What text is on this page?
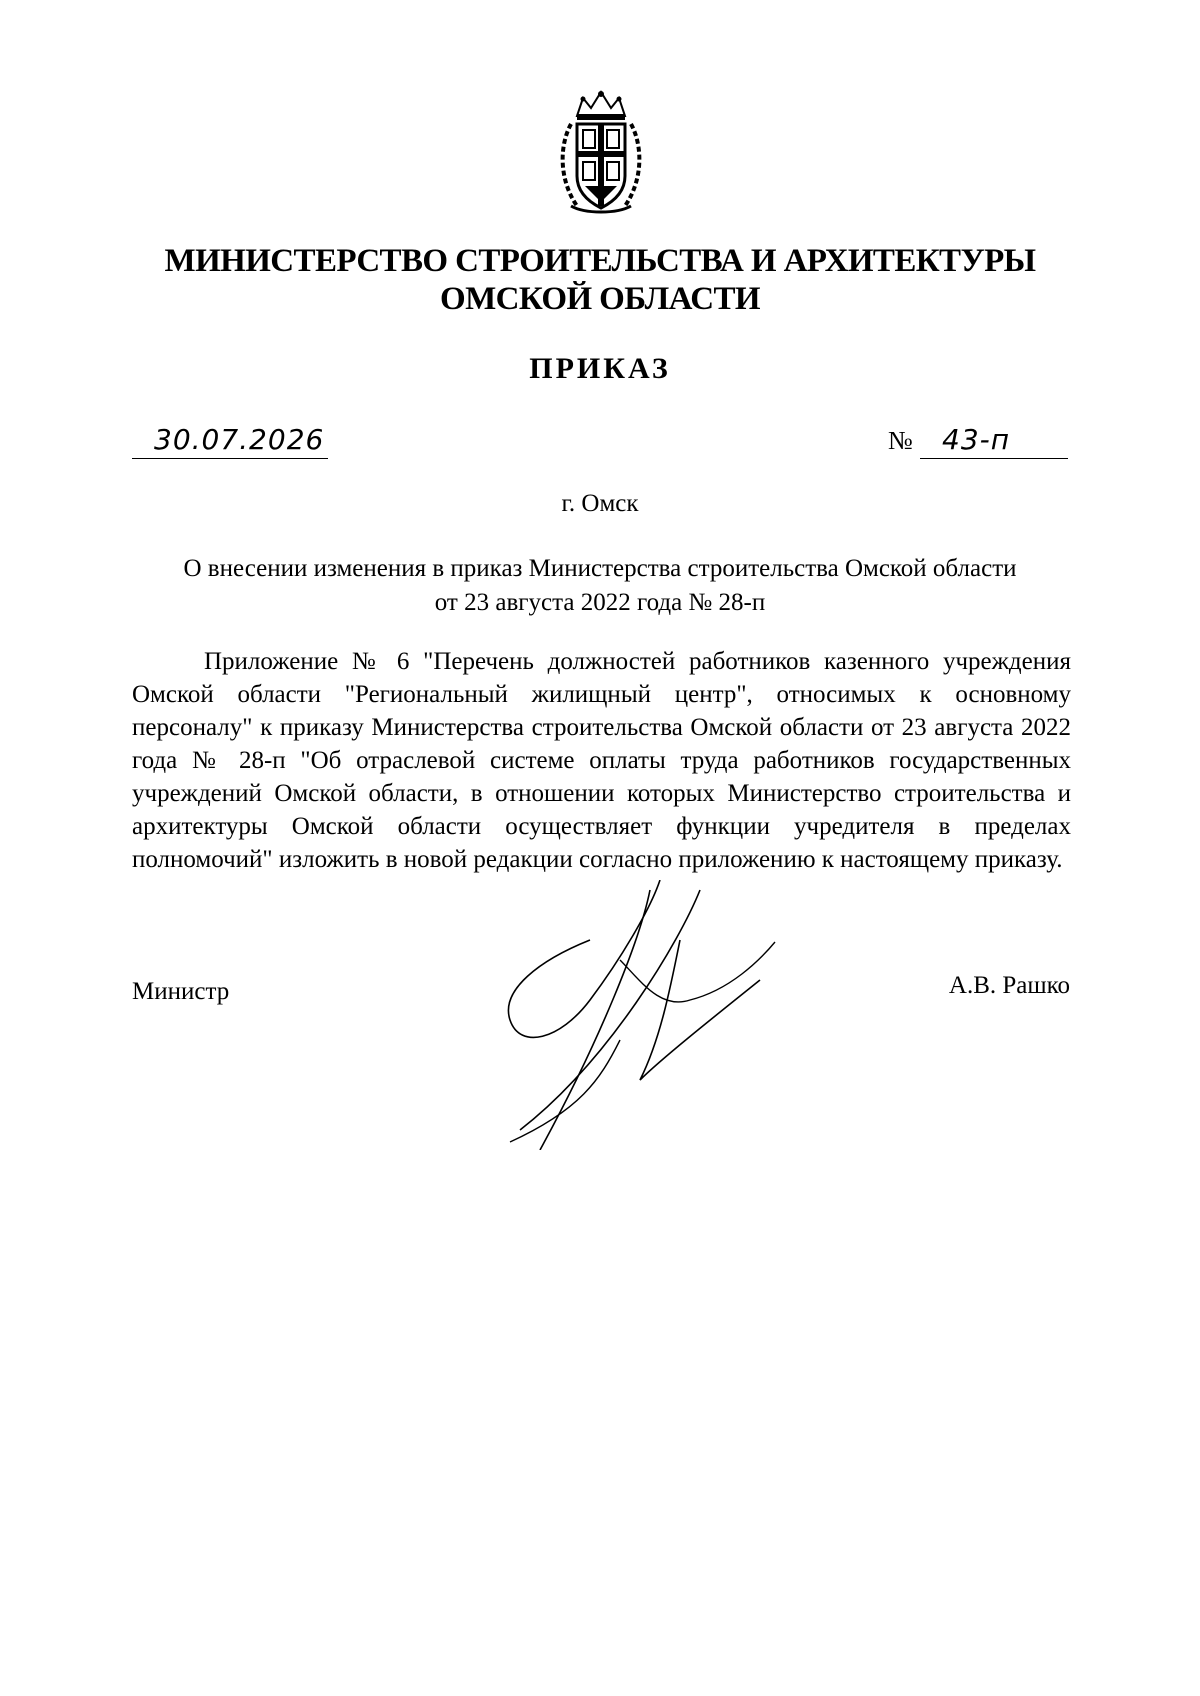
МИНИСТЕРСТВО СТРОИТЕЛЬСТВА И АРХИТЕКТУРЫ
ОМСКОЙ ОБЛАСТИ
ПРИКАЗ
30.07.2026	№ 43-п
г. Омск
О внесении изменения в приказ Министерства строительства Омской области
от 23 августа 2022 года № 28-п
Приложение № 6 "Перечень должностей работников казенного учреждения Омской области "Региональный жилищный центр", относимых к основному персоналу" к приказу Министерства строительства Омской области от 23 августа 2022 года № 28-п "Об отраслевой системе оплаты труда работников государственных учреждений Омской области, в отношении которых Министерство строительства и архитектуры Омской области осуществляет функции учредителя в пределах полномочий" изложить в новой редакции согласно приложению к настоящему приказу.
Министр	А.В. Рашко
